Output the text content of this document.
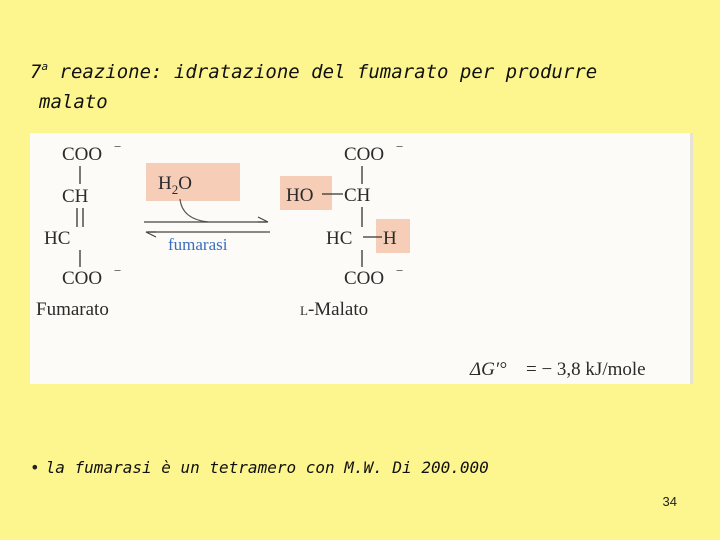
7$^a$ reazione: idratazione del fumarato per produrre
malato
COO −
CH
HC
COO −
Fumarato
$H_2O$
fumarasi
COO −
HO CH
HC H
COO −
L-Malato
ΔG′° = − 3,8 kJ/mole
• la fumarasi è un tetramero con M.W. Di 200.000
34
